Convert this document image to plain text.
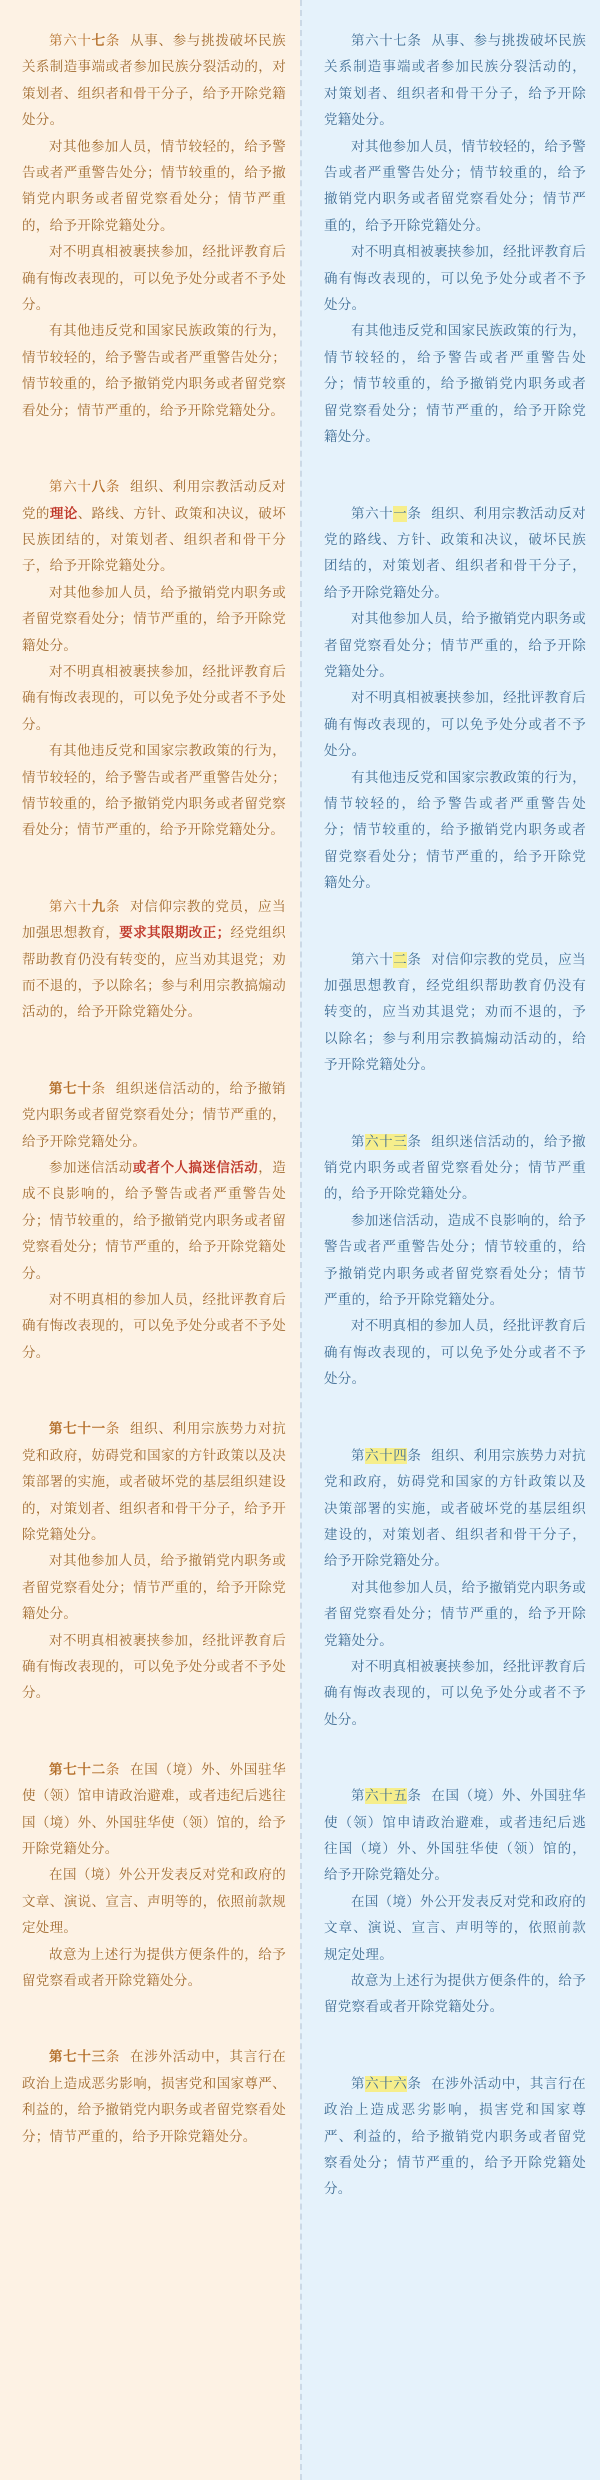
第六十七条 从事、参与挑拨破坏民族关系制造事端或者参加民族分裂活动的，对策划者、组织者和骨干分子，给予开除党籍处分。

对其他参加人员，情节较轻的，给予警告或者严重警告处分；情节较重的，给予撤销党内职务或者留党察看处分；情节严重的，给予开除党籍处分。

对不明真相被裹挟参加，经批评教育后确有悔改表现的，可以免予处分或者不予处分。

有其他违反党和国家民族政策的行为，情节较轻的，给予警告或者严重警告处分；情节较重的，给予撤销党内职务或者留党察看处分；情节严重的，给予开除党籍处分。

第六十八条 组织、利用宗教活动反对党的理论、路线、方针、政策和决议，破坏民族团结的，对策划者、组织者和骨干分子，给予开除党籍处分。

对其他参加人员，给予撤销党内职务或者留党察看处分；情节严重的，给予开除党籍处分。

对不明真相被裹挟参加，经批评教育后确有悔改表现的，可以免予处分或者不予处分。

有其他违反党和国家宗教政策的行为，情节较轻的，给予警告或者严重警告处分；情节较重的，给予撤销党内职务或者留党察看处分；情节严重的，给予开除党籍处分。

第六十九条 对信仰宗教的党员，应当加强思想教育，要求其限期改正；经党组织帮助教育仍没有转变的，应当劝其退党；劝而不退的，予以除名；参与利用宗教搞煽动活动的，给予开除党籍处分。

第七十条 组织迷信活动的，给予撤销党内职务或者留党察看处分；情节严重的，给予开除党籍处分。

参加迷信活动或者个人搞迷信活动，造成不良影响的，给予警告或者严重警告处分；情节较重的，给予撤销党内职务或者留党察看处分；情节严重的，给予开除党籍处分。

对不明真相的参加人员，经批评教育后确有悔改表现的，可以免予处分或者不予处分。

第七十一条 组织、利用宗族势力对抗党和政府，妨碍党和国家的方针政策以及决策部署的实施，或者破坏党的基层组织建设的，对策划者、组织者和骨干分子，给予开除党籍处分。

对其他参加人员，给予撤销党内职务或者留党察看处分；情节严重的，给予开除党籍处分。

对不明真相被裹挟参加，经批评教育后确有悔改表现的，可以免予处分或者不予处分。

第七十二条 在国（境）外、外国驻华使（领）馆申请政治避难，或者违纪后逃往国（境）外、外国驻华使（领）馆的，给予开除党籍处分。

在国（境）外公开发表反对党和政府的文章、演说、宣言、声明等的，依照前款规定处理。

故意为上述行为提供方便条件的，给予留党察看或者开除党籍处分。

第七十三条 在涉外活动中，其言行在政治上造成恶劣影响，损害党和国家尊严、利益的，给予撤销党内职务或者留党察看处分；情节严重的，给予开除党籍处分。

第六十七条 从事、参与挑拨破坏民族关系制造事端或者参加民族分裂活动的，对策划者、组织者和骨干分子，给予开除党籍处分。

对其他参加人员，情节较轻的，给予警告或者严重警告处分；情节较重的，给予撤销党内职务或者留党察看处分；情节严重的，给予开除党籍处分。

对不明真相被裹挟参加，经批评教育后确有悔改表现的，可以免予处分或者不予处分。

有其他违反党和国家民族政策的行为，情节较轻的，给予警告或者严重警告处分；情节较重的，给予撤销党内职务或者留党察看处分；情节严重的，给予开除党籍处分。

第六十一条 组织、利用宗教活动反对党的路线、方针、政策和决议，破坏民族团结的，对策划者、组织者和骨干分子，给予开除党籍处分。

对其他参加人员，给予撤销党内职务或者留党察看处分；情节严重的，给予开除党籍处分。

对不明真相被裹挟参加，经批评教育后确有悔改表现的，可以免予处分或者不予处分。

有其他违反党和国家宗教政策的行为，情节较轻的，给予警告或者严重警告处分；情节较重的，给予撤销党内职务或者留党察看处分；情节严重的，给予开除党籍处分。

第六十二条 对信仰宗教的党员，应当加强思想教育，经党组织帮助教育仍没有转变的，应当劝其退党；劝而不退的，予以除名；参与利用宗教搞煽动活动的，给予开除党籍处分。

第六十三条 组织迷信活动的，给予撤销党内职务或者留党察看处分；情节严重的，给予开除党籍处分。

参加迷信活动，造成不良影响的，给予警告或者严重警告处分；情节较重的，给予撤销党内职务或者留党察看处分；情节严重的，给予开除党籍处分。

对不明真相的参加人员，经批评教育后确有悔改表现的，可以免予处分或者不予处分。

第六十四条 组织、利用宗族势力对抗党和政府，妨碍党和国家的方针政策以及决策部署的实施，或者破坏党的基层组织建设的，对策划者、组织者和骨干分子，给予开除党籍处分。

对其他参加人员，给予撤销党内职务或者留党察看处分；情节严重的，给予开除党籍处分。

对不明真相被裹挟参加，经批评教育后确有悔改表现的，可以免予处分或者不予处分。

第六十五条 在国（境）外、外国驻华使（领）馆申请政治避难，或者违纪后逃往国（境）外、外国驻华使（领）馆的，给予开除党籍处分。

在国（境）外公开发表反对党和政府的文章、演说、宣言、声明等的，依照前款规定处理。

故意为上述行为提供方便条件的，给予留党察看或者开除党籍处分。

第六十六条 在涉外活动中，其言行在政治上造成恶劣影响，损害党和国家尊严、利益的，给予撤销党内职务或者留党察看处分；情节严重的，给予开除党籍处分。
